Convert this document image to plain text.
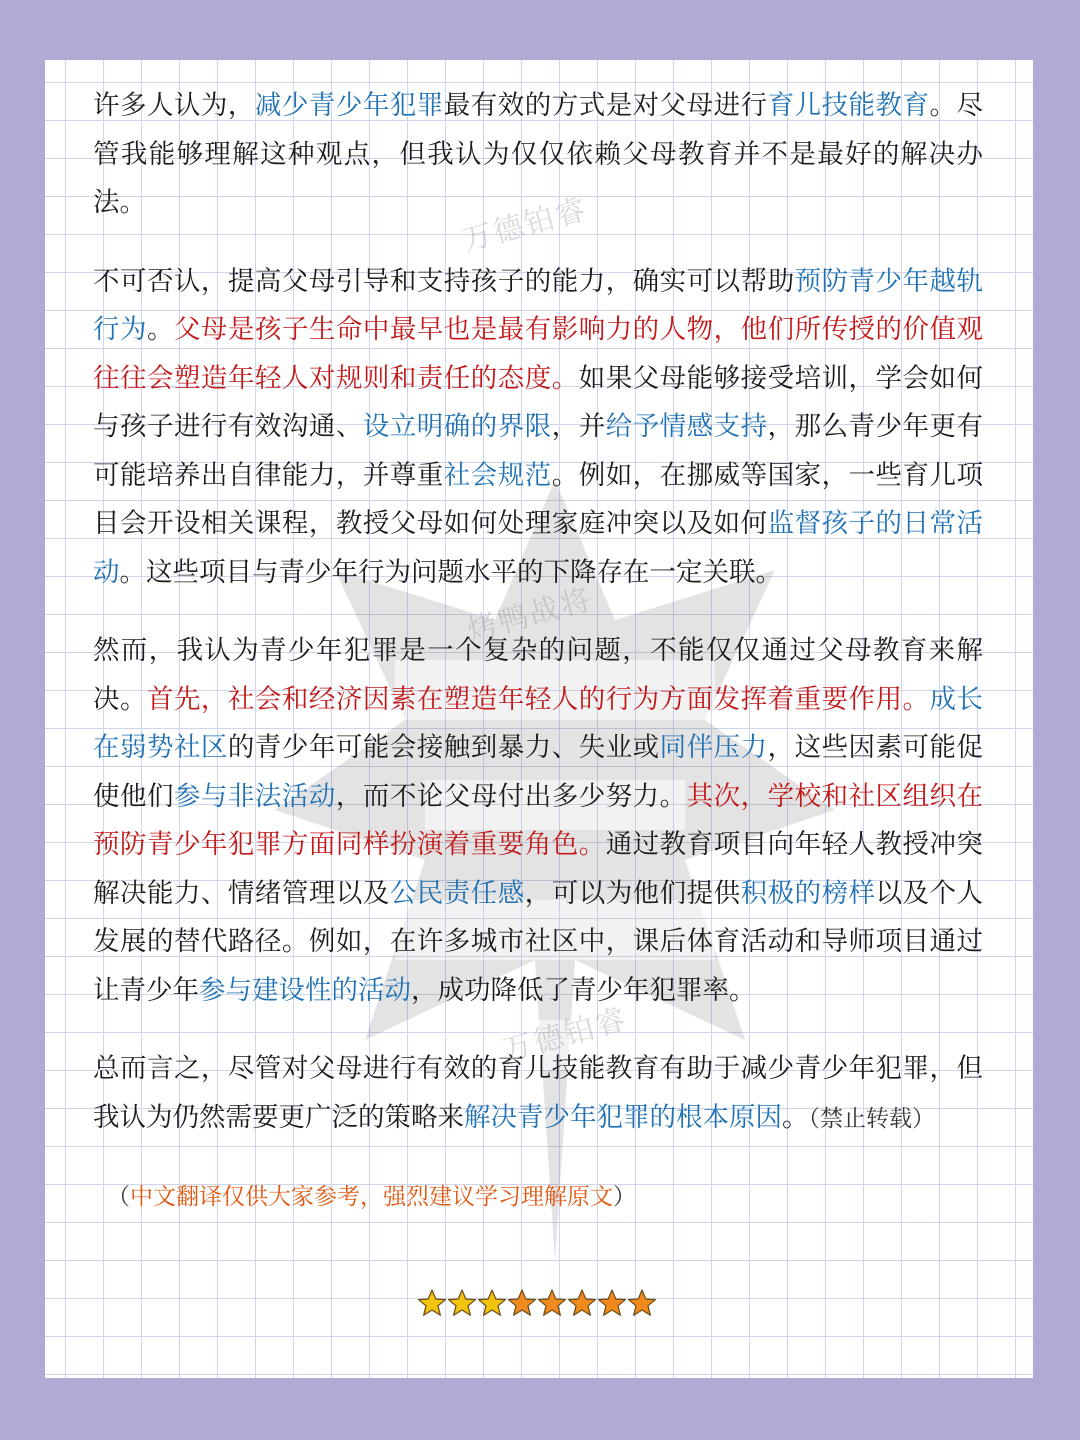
万德铂睿
烤鸭战将
万德铂睿

许多人认为，减少青少年犯罪最有效的方式是对父母进行育儿技能教育。尽管我能够理解这种观点，但我认为仅仅依赖父母教育并不是最好的解决办法。

不可否认，提高父母引导和支持孩子的能力，确实可以帮助预防青少年越轨行为。父母是孩子生命中最早也是最有影响力的人物，他们所传授的价值观往往会塑造年轻人对规则和责任的态度。如果父母能够接受培训，学会如何与孩子进行有效沟通、设立明确的界限，并给予情感支持，那么青少年更有可能培养出自律能力，并尊重社会规范。例如，在挪威等国家，一些育儿项目会开设相关课程，教授父母如何处理家庭冲突以及如何监督孩子的日常活动。这些项目与青少年行为问题水平的下降存在一定关联。

然而，我认为青少年犯罪是一个复杂的问题，不能仅仅通过父母教育来解决。首先，社会和经济因素在塑造年轻人的行为方面发挥着重要作用。成长在弱势社区的青少年可能会接触到暴力、失业或同伴压力，这些因素可能促使他们参与非法活动，而不论父母付出多少努力。其次，学校和社区组织在预防青少年犯罪方面同样扮演着重要角色。通过教育项目向年轻人教授冲突解决能力、情绪管理以及公民责任感，可以为他们提供积极的榜样以及个人发展的替代路径。例如，在许多城市社区中，课后体育活动和导师项目通过让青少年参与建设性的活动，成功降低了青少年犯罪率。

总而言之，尽管对父母进行有效的育儿技能教育有助于减少青少年犯罪，但我认为仍然需要更广泛的策略来解决青少年犯罪的根本原因。（禁止转载）

（中文翻译仅供大家参考，强烈建议学习理解原文）
